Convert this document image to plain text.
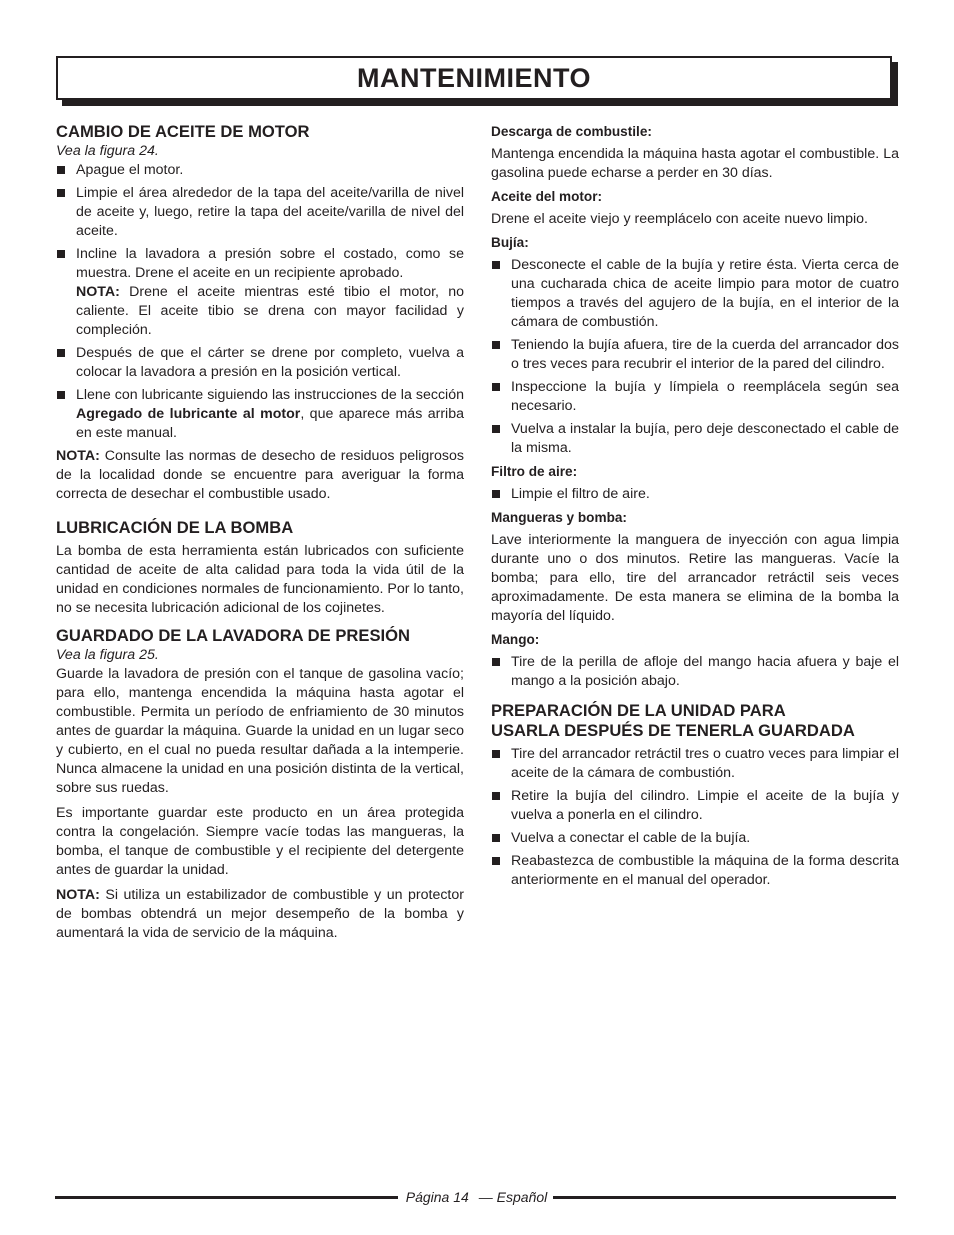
MANTENIMIENTO
CAMBIO DE ACEITE DE MOTOR

Vea la figura 24.

Apague el motor.
Limpie el área alrededor de la tapa del aceite/varilla de nivel de aceite y, luego, retire la tapa del aceite/varilla de nivel del aceite.
Incline la lavadora a presión sobre el costado, como se muestra. Drene el aceite en un recipiente aprobado.
NOTA: Drene el aceite mientras esté tibio el motor, no caliente. El aceite tibio se drena con mayor facilidad y compleción.
Después de que el cárter se drene por completo, vuelva a colocar la lavadora a presión en la posición vertical.
Llene con lubricante siguiendo las instrucciones de la sección Agregado de lubricante al motor, que aparece más arriba en este manual.

NOTA: Consulte las normas de desecho de residuos peligrosos de la localidad donde se encuentre para averiguar la forma correcta de desechar el combustible usado.

LUBRICACIÓN DE LA BOMBA

La bomba de esta herramienta están lubricados con suficiente cantidad de aceite de alta calidad para toda la vida útil de la unidad en condiciones normales de funcionamiento. Por lo tanto, no se necesita lubricación adicional de los cojinetes.

GUARDADO DE LA LAVADORA DE PRESIÓN

Vea la figura 25.

Guarde la lavadora de presión con el tanque de gasolina vacío; para ello, mantenga encendida la máquina hasta agotar el combustible. Permita un período de enfriamiento de 30 minutos antes de guardar la máquina. Guarde la unidad en un lugar seco y cubierto, en el cual no pueda resultar dañada a la intemperie. Nunca almacene la unidad en una posición distinta de la vertical, sobre sus ruedas.

Es importante guardar este producto en un área protegida contra la congelación. Siempre vacíe todas las mangueras, la bomba, el tanque de combustible y el recipiente del detergente antes de guardar la unidad.

NOTA: Si utiliza un estabilizador de combustible y un protector de bombas obtendrá un mejor desempeño de la bomba y aumentará la vida de servicio de la máquina.

Descarga de combustile:

Mantenga encendida la máquina hasta agotar el combustible. La gasolina puede echarse a perder en 30 días.

Aceite del motor:

Drene el aceite viejo y reemplácelo con aceite nuevo limpio.

Bujía:
Desconecte el cable de la bujía y retire ésta. Vierta cerca de una cucharada chica de aceite limpio para motor de cuatro tiempos a través del agujero de la bujía, en el interior de la cámara de combustión.
Teniendo la bujía afuera, tire de la cuerda del arrancador dos o tres veces para recubrir el interior de la pared del cilindro.
Inspeccione la bujía y límpiela o reemplácela según sea necesario.
Vuelva a instalar la bujía, pero deje desconectado el cable de la misma.
Filtro de aire:
Limpie el filtro de aire.
Mangueras y bomba:

Lave interiormente la manguera de inyección con agua limpia durante uno o dos minutos. Retire las mangueras. Vacíe la bomba; para ello, tire del arrancador retráctil seis veces aproximadamente. De esta manera se elimina de la bomba la mayoría del líquido.

Mango:
Tire de la perilla de afloje del mango hacia afuera y baje el mango a la posición abajo.
PREPARACIÓN DE LA UNIDAD PARA
USARLA DESPUÉS DE TENERLA GUARDADA
Tire del arrancador retráctil tres o cuatro veces para limpiar el aceite de la cámara de combustión.
Retire la bujía del cilindro. Limpie el aceite de la bujía y vuelva a ponerla en el cilindro.
Vuelva a conectar el cable de la bujía.
Reabastezca de combustible la máquina de la forma descrita anteriormente en el manual del operador.
Página 14 — Español
